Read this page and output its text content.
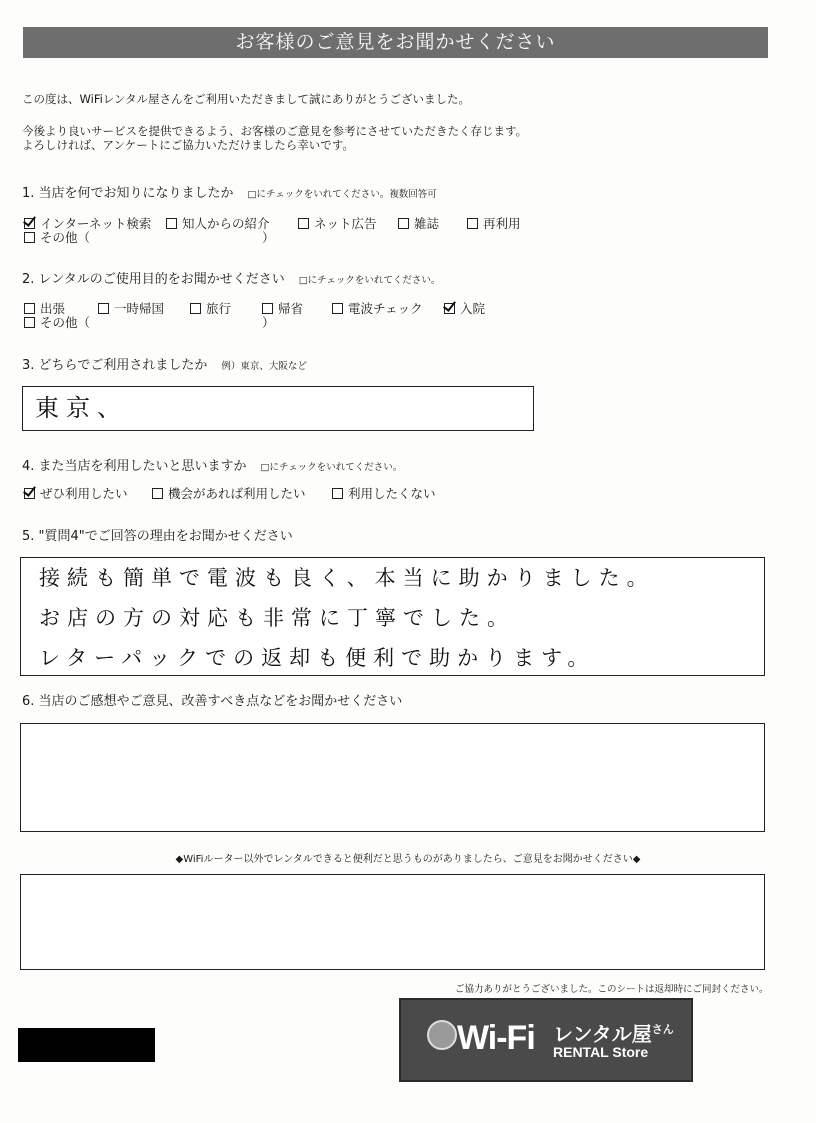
お客様のご意見をお聞かせください
この度は、WiFiレンタル屋さんをご利用いただきまして誠にありがとうございました。
今後より良いサービスを提供できるよう、お客様のご意見を参考にさせていただきたく存じます。
よろしければ、アンケートにご協力いただけましたら幸いです。
1. 当店を何でお知りになりましたか □にチェックをいれてください。複数回答可
インターネット検索	知人からの紹介	ネット広告	雑誌	再利用
その他（	）
2. レンタルのご使用目的をお聞かせください □にチェックをいれてください。
出張	一時帰国	旅行	帰省	電波チェック	入院
その他（	）
3. どちらでご利用されましたか 例）東京、大阪など
東京、
4. また当店を利用したいと思いますか □にチェックをいれてください。
ぜひ利用したい	機会があれば利用したい	利用したくない
5. "質問4"でご回答の理由をお聞かせください
接続も簡単で電波も良く、本当に助かりました。
お店の方の対応も非常に丁寧でした。
レターパックでの返却も便利で助かります。
6. 当店のご感想やご意見、改善すべき点などをお聞かせください
◆WiFiルーター以外でレンタルできると便利だと思うものがありましたら、ご意見をお聞かせください◆
ご協力ありがとうございました。このシートは返却時にご同封ください。
Wi-Fi レンタル屋$^{さん}$
RENTAL Store
